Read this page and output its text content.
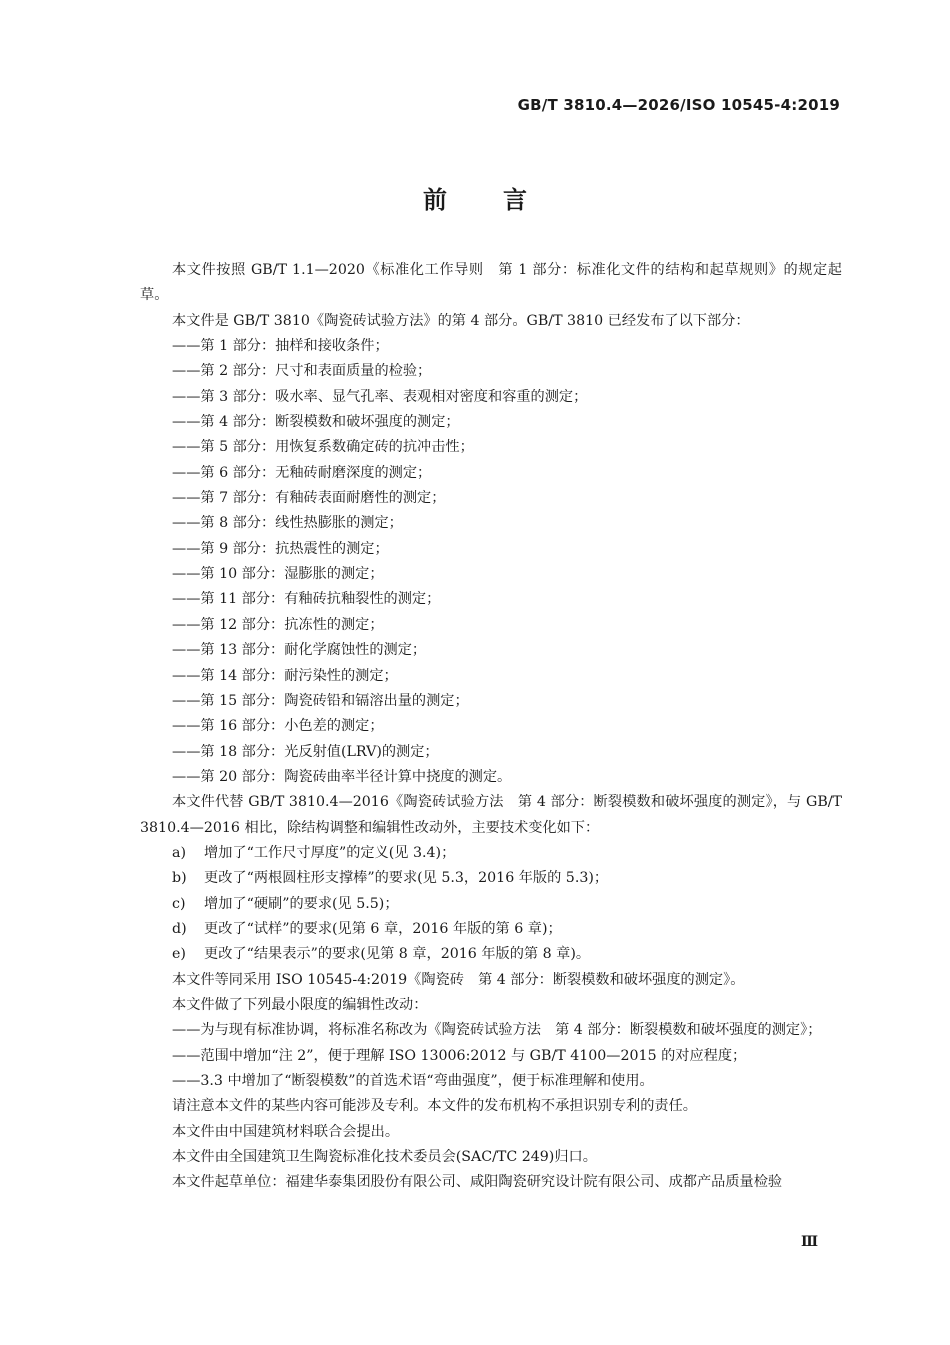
GB/T 3810.4—2026/ISO 10545-4:2019
前言
本文件按照 GB/T 1.1—2020《标准化工作导则　第 1 部分：标准化文件的结构和起草规则》的规定起草。
本文件是 GB/T 3810《陶瓷砖试验方法》的第 4 部分。GB/T 3810 已经发布了以下部分：
——第 1 部分：抽样和接收条件；
——第 2 部分：尺寸和表面质量的检验；
——第 3 部分：吸水率、显气孔率、表观相对密度和容重的测定；
——第 4 部分：断裂模数和破坏强度的测定；
——第 5 部分：用恢复系数确定砖的抗冲击性；
——第 6 部分：无釉砖耐磨深度的测定；
——第 7 部分：有釉砖表面耐磨性的测定；
——第 8 部分：线性热膨胀的测定；
——第 9 部分：抗热震性的测定；
——第 10 部分：湿膨胀的测定；
——第 11 部分：有釉砖抗釉裂性的测定；
——第 12 部分：抗冻性的测定；
——第 13 部分：耐化学腐蚀性的测定；
——第 14 部分：耐污染性的测定；
——第 15 部分：陶瓷砖铅和镉溶出量的测定；
——第 16 部分：小色差的测定；
——第 18 部分：光反射值(LRV)的测定；
——第 20 部分：陶瓷砖曲率半径计算中挠度的测定。
本文件代替 GB/T 3810.4—2016《陶瓷砖试验方法　第 4 部分：断裂模数和破坏强度的测定》，与 GB/T 3810.4—2016 相比，除结构调整和编辑性改动外，主要技术变化如下：
a) 增加了“工作尺寸厚度”的定义(见 3.4)；
b) 更改了“两根圆柱形支撑棒”的要求(见 5.3，2016 年版的 5.3)；
c) 增加了“硬刷”的要求(见 5.5)；
d) 更改了“试样”的要求(见第 6 章，2016 年版的第 6 章)；
e) 更改了“结果表示”的要求(见第 8 章，2016 年版的第 8 章)。
本文件等同采用 ISO 10545-4:2019《陶瓷砖　第 4 部分：断裂模数和破坏强度的测定》。
本文件做了下列最小限度的编辑性改动：
——为与现有标准协调，将标准名称改为《陶瓷砖试验方法　第 4 部分：断裂模数和破坏强度的测定》；
——范围中增加“注 2”，便于理解 ISO 13006:2012 与 GB/T 4100—2015 的对应程度；
——3.3 中增加了“断裂模数”的首选术语“弯曲强度”，便于标准理解和使用。
请注意本文件的某些内容可能涉及专利。本文件的发布机构不承担识别专利的责任。
本文件由中国建筑材料联合会提出。
本文件由全国建筑卫生陶瓷标准化技术委员会(SAC/TC 249)归口。
本文件起草单位：福建华泰集团股份有限公司、咸阳陶瓷研究设计院有限公司、成都产品质量检验
Ⅲ
